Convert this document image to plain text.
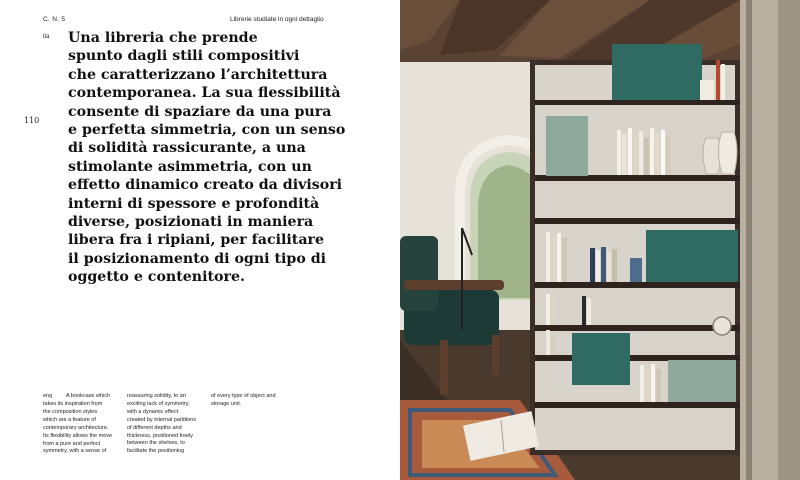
C. N. 5	Librerie studiate in ogni dettaglio
ita
110
Una libreria che prende
spunto dagli stili compositivi
che caratterizzano l’architettura
contemporanea. La sua flessibilità
consente di spaziare da una pura
e perfetta simmetria, con un senso
di solidità rassicurante, a una
stimolante asimmetria, con un
effetto dinamico creato da divisori
interni di spessore e profondità
diverse, posizionati in maniera
libera fra i ripiani, per facilitare
il posizionamento di ogni tipo di
oggetto e contenitore.
eng	A bookcase which
takes its inspiration from
the composition styles
which are a feature of
contemporary architecture.
Its flexibility allows the move
from a pure and perfect
symmetry, with a sense of
reassuring solidity, to an
exciting lack of symmetry,
with a dynamic effect
created by internal partitions
of different depths and
thickness, positioned freely
between the shelves, to
facilitate the positioning
of every type of object and
storage unit.
